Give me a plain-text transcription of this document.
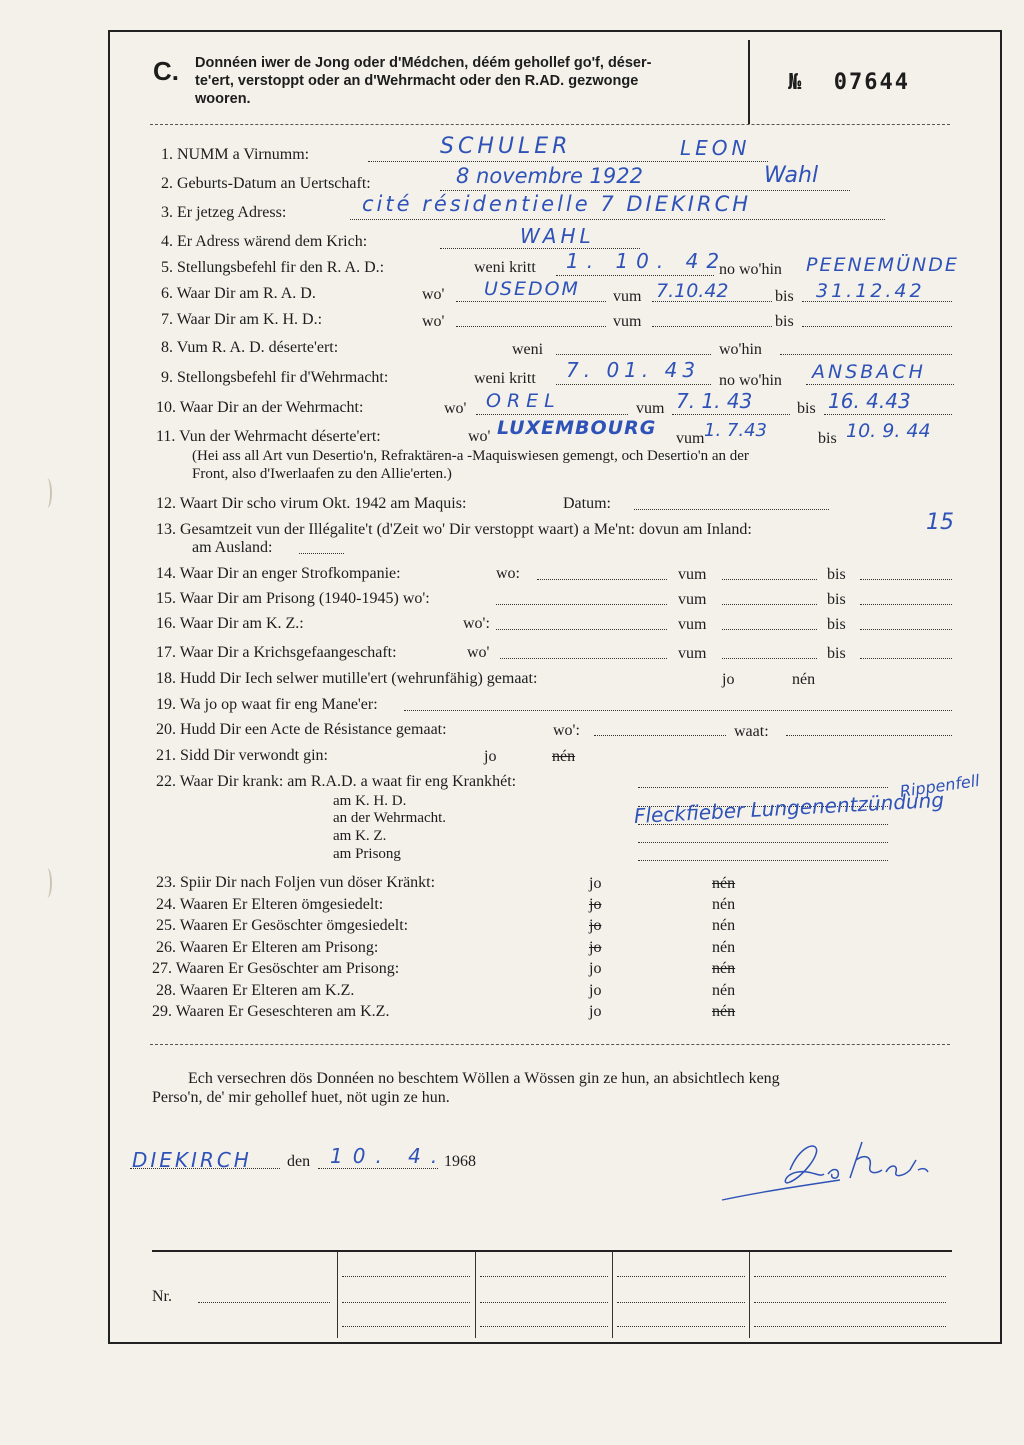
C. Donnéen iwer de Jong oder d'Médchen, déém gehollef go'f, déser-
te'ert, verstoppt oder an d'Wehrmacht oder den R.AD. gezwonge
wooren.
№ 07644
1. NUMM a Virnumm:	SCHULER	LEON
2. Geburts-Datum an Uertschaft:	8 novembre 1922	Wahl
3. Er jetzeg Adress:	cité résidentielle 7 DIEKIRCH
4. Er Adress wärend dem Krich:	WAHL
5. Stellungsbefehl fir den R. A. D.:	weni kritt 1. 10. 42
no wo'hin PEENEMÜNDE
6. Waar Dir am R. A. D.	wo' USEDOM vum 7.10.42	bis 31.12.42
7. Waar Dir am K. H. D.:	wo'	vum	bis
8. Vum R. A. D. déserte'ert:	weni	wo'hin
9. Stellongsbefehl fir d'Wehrmacht:	weni kritt 7. 01. 43 no wo'hin ANSBACH
10. Waar Dir an der Wehrmacht:	wo' OREL	vum 7. 1. 43	bis 16. 4.43
11. Vun der Wehrmacht déserte'ert:	wo' LUXEMBOURG vum 1. 7.43	bis 10. 9. 44
(Hei ass all Art vun Desertio'n, Refraktären-a -Maquiswiesen gemengt, och Desertio'n an der
Front, also d'Iwerlaafen zu den Allie'erten.)
12. Waart Dir scho virum Okt. 1942 am Maquis:	Datum:
13. Gesamtzeit vun der Illégalite't (d'Zeit wo' Dir verstoppt waart) a Me'nt: dovun am Inland:	15
am Ausland:
14. Waar Dir an enger Strofkompanie:	wo:	vum	bis
15. Waar Dir am Prisong (1940-1945) wo':	vum	bis
16. Waar Dir am K. Z.:	wo':	vum	bis
17. Waar Dir a Krichsgefaangeschaft:	wo'	vum	bis
18. Hudd Dir Iech selwer mutille'ert (wehrunfähig) gemaat:	jo	nén
19. Wa jo op waat fir eng Mane'er:
20. Hudd Dir een Acte de Résistance gemaat:	wo':	waat:
21. Sidd Dir verwondt gin:	jo	nén
22. Waar Dir krank: am R.A.D. a waat fir eng Krankhét:
am K. H. D.
an der Wehrmacht.
am K. Z.
am Prisong
Fleckfieber Lungenentzündung
Rippenfell
23. Spiir Dir nach Foljen vun döser Kränkt:	jo	nén
24. Waaren Er Elteren ömgesiedelt:	jo	nén
25. Waaren Er Gesöschter ömgesiedelt:	jo	nén
26. Waaren Er Elteren am Prisong:	jo	nén
27. Waaren Er Gesöschter am Prisong:	jo	nén
28. Waaren Er Elteren am K.Z.	jo	nén
29. Waaren Er Geseschteren am K.Z.	jo	nén
Ech versechren dös Donnéen no beschtem Wöllen a Wössen gin ze hun, an absichtlech keng
Perso'n, de' mir gehollef huet, nöt ugin ze hun.
DIEKIRCH den 10. 4.
1968
Nr.
